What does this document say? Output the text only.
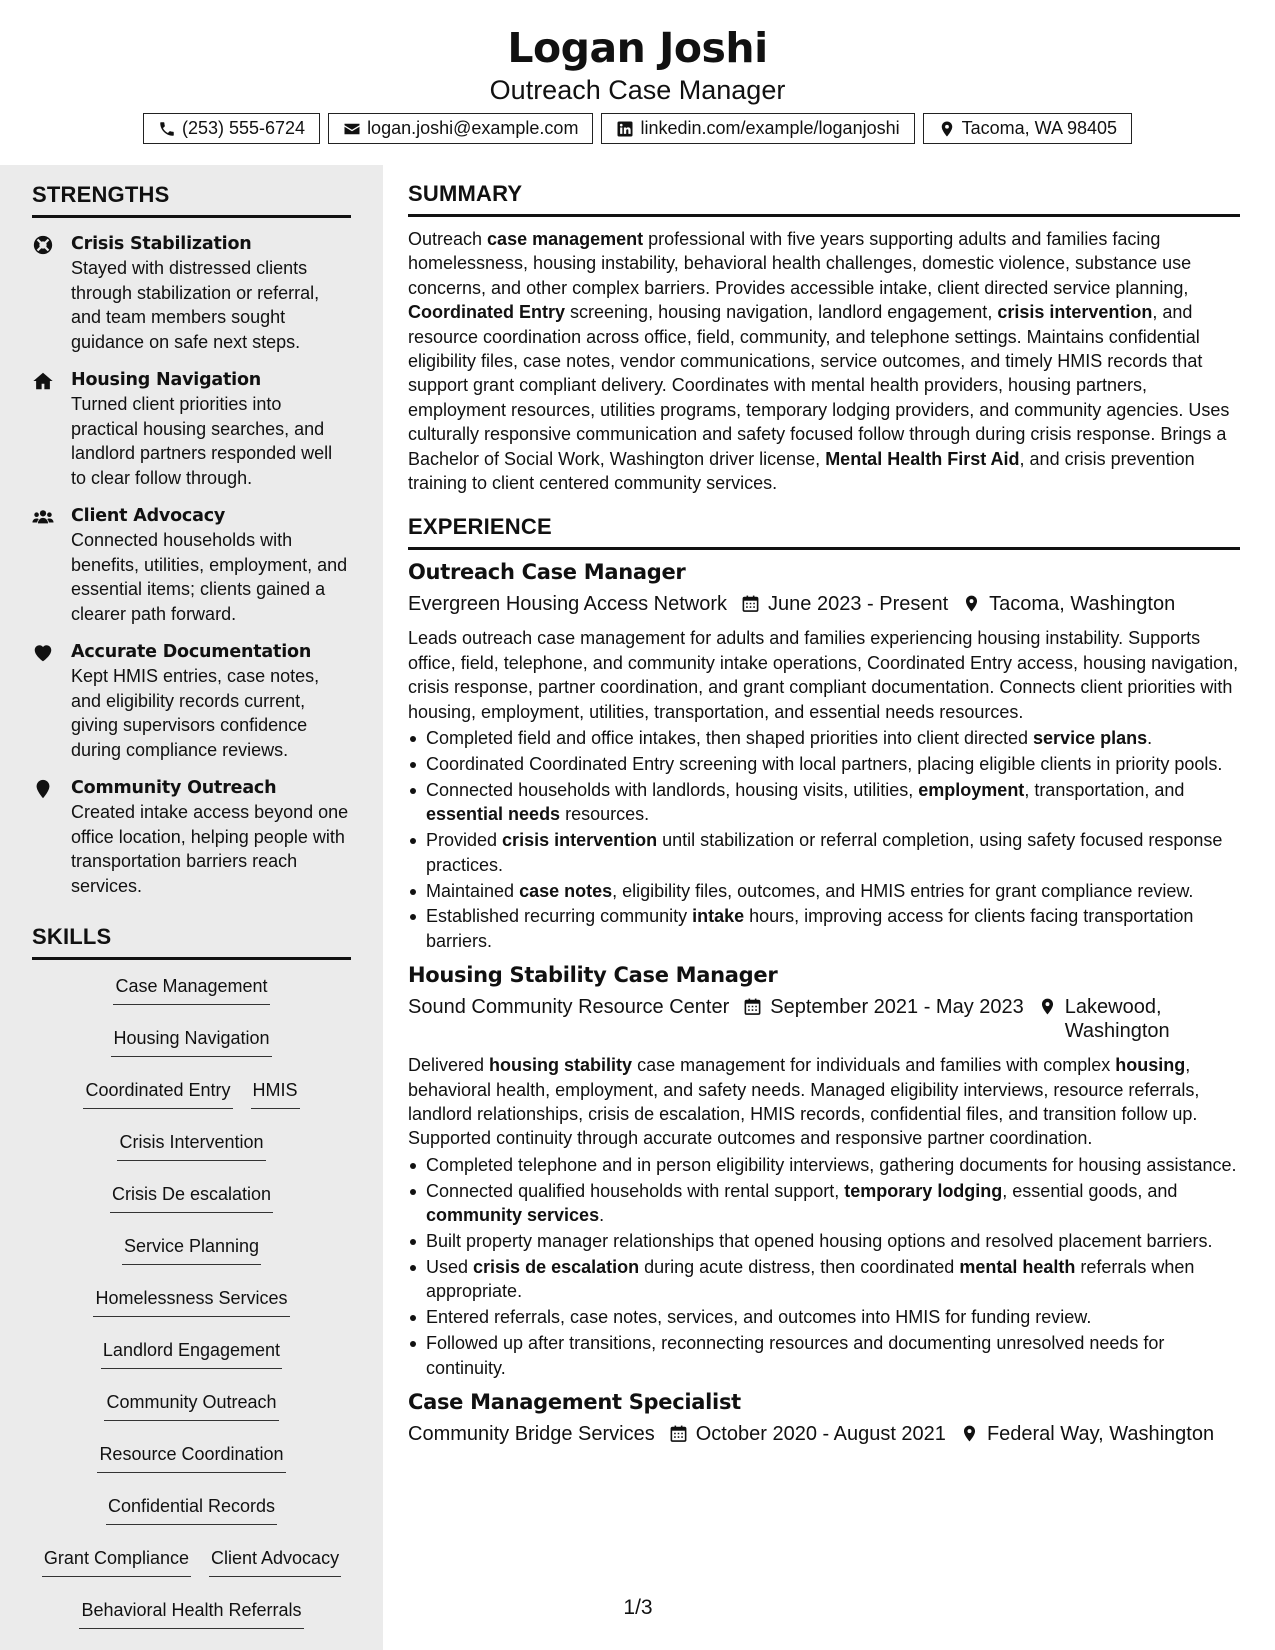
Logan Joshi
Outreach Case Manager
(253) 555-6724	logan.joshi@example.com	linkedin.com/example/loganjoshi	Tacoma, WA 98405
STRENGTHS
Crisis Stabilization
Stayed with distressed clients through stabilization or referral, and team members sought guidance on safe next steps.
Housing Navigation
Turned client priorities into practical housing searches, and landlord partners responded well to clear follow through.
Client Advocacy
Connected households with benefits, utilities, employment, and essential items; clients gained a clearer path forward.
Accurate Documentation
Kept HMIS entries, case notes, and eligibility records current, giving supervisors confidence during compliance reviews.
Community Outreach
Created intake access beyond one office location, helping people with transportation barriers reach services.
SKILLS
Case Management
Housing Navigation
Coordinated Entry HMIS
Crisis Intervention
Crisis De escalation
Service Planning
Homelessness Services
Landlord Engagement
Community Outreach
Resource Coordination
Confidential Records
Grant Compliance Client Advocacy
Behavioral Health Referrals
SUMMARY
Outreach case management professional with five years supporting adults and families facing homelessness, housing instability, behavioral health challenges, domestic violence, substance use concerns, and other complex barriers. Provides accessible intake, client directed service planning, Coordinated Entry screening, housing navigation, landlord engagement, crisis intervention, and resource coordination across office, field, community, and telephone settings. Maintains confidential eligibility files, case notes, vendor communications, service outcomes, and timely HMIS records that support grant compliant delivery. Coordinates with mental health providers, housing partners, employment resources, utilities programs, temporary lodging providers, and community agencies. Uses culturally responsive communication and safety focused follow through during crisis response. Brings a Bachelor of Social Work, Washington driver license, Mental Health First Aid, and crisis prevention training to client centered community services.
EXPERIENCE
Outreach Case Manager
Evergreen Housing Access Network June 2023 - Present Tacoma, Washington
Leads outreach case management for adults and families experiencing housing instability. Supports office, field, telephone, and community intake operations, Coordinated Entry access, housing navigation, crisis response, partner coordination, and grant compliant documentation. Connects client priorities with housing, employment, utilities, transportation, and essential needs resources.
Completed field and office intakes, then shaped priorities into client directed service plans.
Coordinated Coordinated Entry screening with local partners, placing eligible clients in priority pools.
Connected households with landlords, housing visits, utilities, employment, transportation, and essential needs resources.
Provided crisis intervention until stabilization or referral completion, using safety focused response practices.
Maintained case notes, eligibility files, outcomes, and HMIS entries for grant compliance review.
Established recurring community intake hours, improving access for clients facing transportation barriers.
Housing Stability Case Manager
Sound Community Resource Center September 2021 - May 2023 Lakewood, Washington
Delivered housing stability case management for individuals and families with complex housing, behavioral health, employment, and safety needs. Managed eligibility interviews, resource referrals, landlord relationships, crisis de escalation, HMIS records, confidential files, and transition follow up. Supported continuity through accurate outcomes and responsive partner coordination.
Completed telephone and in person eligibility interviews, gathering documents for housing assistance.
Connected qualified households with rental support, temporary lodging, essential goods, and community services.
Built property manager relationships that opened housing options and resolved placement barriers.
Used crisis de escalation during acute distress, then coordinated mental health referrals when appropriate.
Entered referrals, case notes, services, and outcomes into HMIS for funding review.
Followed up after transitions, reconnecting resources and documenting unresolved needs for continuity.
Case Management Specialist
Community Bridge Services October 2020 - August 2021 Federal Way, Washington
1/3
